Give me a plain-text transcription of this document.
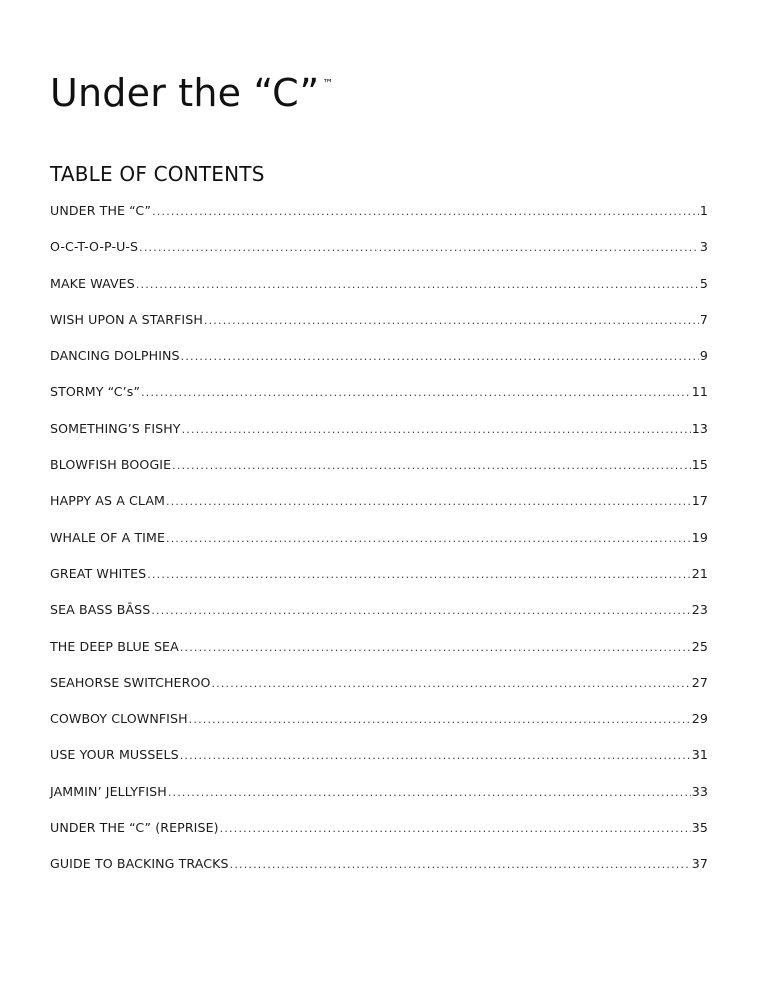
Under the “C” ™
TABLE OF CONTENTS
UNDER THE “C” .....	1
O-C-T-O-P-U-S .....	3
MAKE WAVES .....	5
WISH UPON A STARFISH .....	7
DANCING DOLPHINS .....	9
STORMY “C’s” .....	11
SOMETHING’S FISHY .....	13
BLOWFISH BOOGIE .....	15
HAPPY AS A CLAM .....	17
WHALE OF A TIME .....	19
GREAT WHITES .....	21
SEA BASS BĀSS .....	23
THE DEEP BLUE SEA .....	25
SEAHORSE SWITCHEROO .....	27
COWBOY CLOWNFISH .....	29
USE YOUR MUSSELS .....	31
JAMMIN’ JELLYFISH .....	33
UNDER THE “C” (REPRISE) .....	35
GUIDE TO BACKING TRACKS .....	37
